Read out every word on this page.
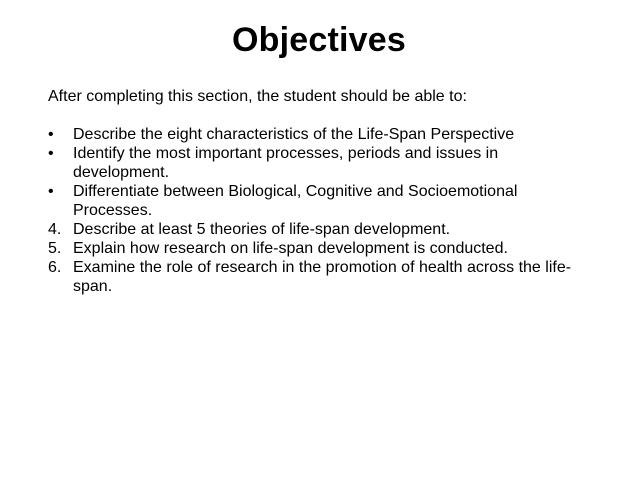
Objectives
After completing this section, the student should be able to:
•	Describe the eight characteristics of the Life-Span Perspective
•	Identify the most important processes, periods and issues in
development.
•	Differentiate between Biological, Cognitive and Socioemotional
Processes.
4. Describe at least 5 theories of life-span development.
5. Explain how research on life-span development is conducted.
6. Examine the role of research in the promotion of health across the life-
span.
